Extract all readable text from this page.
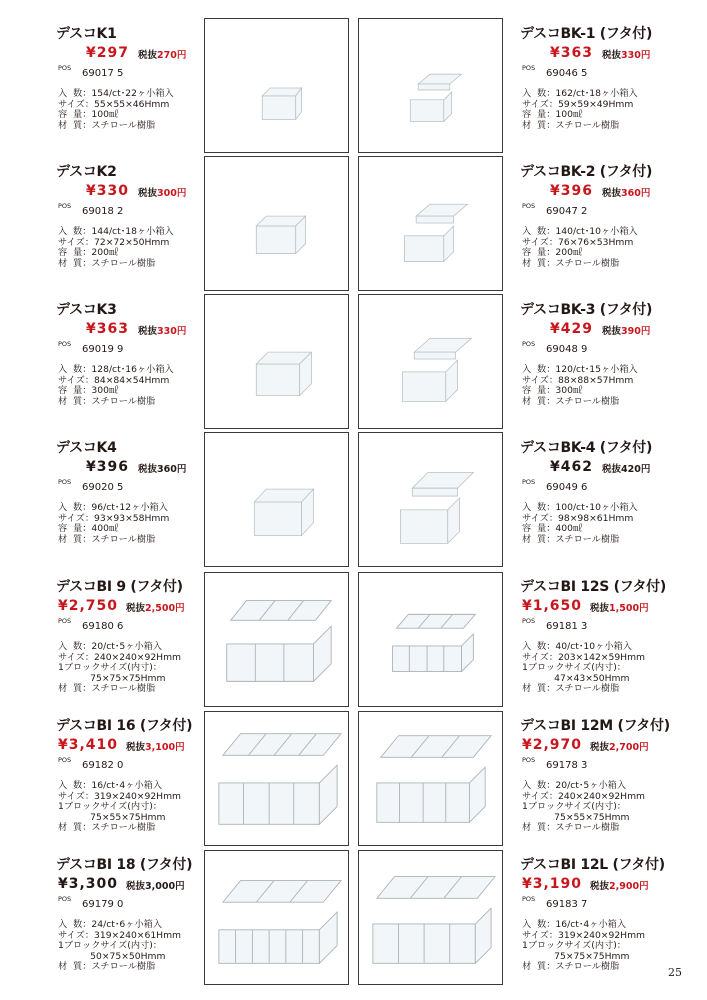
デスコK1
¥297 税抜270円
POS 69017 5
入  数：154/ct･22ヶ小箱入
サイズ：55×55×46Hmm
容  量：100㎖
材  質：スチロール樹脂
デスコK2
¥330 税抜300円
POS 69018 2
入  数：144/ct･18ヶ小箱入
サイズ：72×72×50Hmm
容  量：200㎖
材  質：スチロール樹脂
デスコK3
¥363 税抜330円
POS 69019 9
入  数：128/ct･16ヶ小箱入
サイズ：84×84×54Hmm
容  量：300㎖
材  質：スチロール樹脂
デスコK4
¥396 税抜360円
POS 69020 5
入  数：96/ct･12ヶ小箱入
サイズ：93×93×58Hmm
容  量：400㎖
材  質：スチロール樹脂
デスコBI 9 (フタ付)
¥2,750 税抜2,500円
POS 69180 6
入  数：20/ct･5ヶ小箱入
サイズ：240×240×92Hmm
1ブロックサイズ(内寸)：
75×75×75Hmm
材  質：スチロール樹脂
デスコBI 16 (フタ付)
¥3,410 税抜3,100円
POS 69182 0
入  数：16/ct･4ヶ小箱入
サイズ：319×240×92Hmm
1ブロックサイズ(内寸)：
75×55×75Hmm
材  質：スチロール樹脂
デスコBI 18 (フタ付)
¥3,300 税抜3,000円
POS 69179 0
入  数：24/ct･6ヶ小箱入
サイズ：319×240×61Hmm
1ブロックサイズ(内寸)：
50×75×50Hmm
材  質：スチロール樹脂
デスコBK-1 (フタ付)
¥363 税抜330円
POS 69046 5
入  数：162/ct･18ヶ小箱入
サイズ：59×59×49Hmm
容  量：100㎖
材  質：スチロール樹脂
デスコBK-2 (フタ付)
¥396 税抜360円
POS 69047 2
入  数：140/ct･10ヶ小箱入
サイズ：76×76×53Hmm
容  量：200㎖
材  質：スチロール樹脂
デスコBK-3 (フタ付)
¥429 税抜390円
POS 69048 9
入  数：120/ct･15ヶ小箱入
サイズ：88×88×57Hmm
容  量：300㎖
材  質：スチロール樹脂
デスコBK-4 (フタ付)
¥462 税抜420円
POS 69049 6
入  数：100/ct･10ヶ小箱入
サイズ：98×98×61Hmm
容  量：400㎖
材  質：スチロール樹脂
デスコBI 12S (フタ付)
¥1,650 税抜1,500円
POS 69181 3
入  数：40/ct･10ヶ小箱入
サイズ：203×142×59Hmm
1ブロックサイズ(内寸)：
47×43×50Hmm
材  質：スチロール樹脂
デスコBI 12M (フタ付)
¥2,970 税抜2,700円
POS 69178 3
入  数：20/ct･5ヶ小箱入
サイズ：240×240×92Hmm
1ブロックサイズ(内寸)：
75×55×75Hmm
材  質：スチロール樹脂
デスコBI 12L (フタ付)
¥3,190 税抜2,900円
POS 69183 7
入  数：16/ct･4ヶ小箱入
サイズ：319×240×92Hmm
1ブロックサイズ(内寸)：
75×75×75Hmm
材  質：スチロール樹脂	25
